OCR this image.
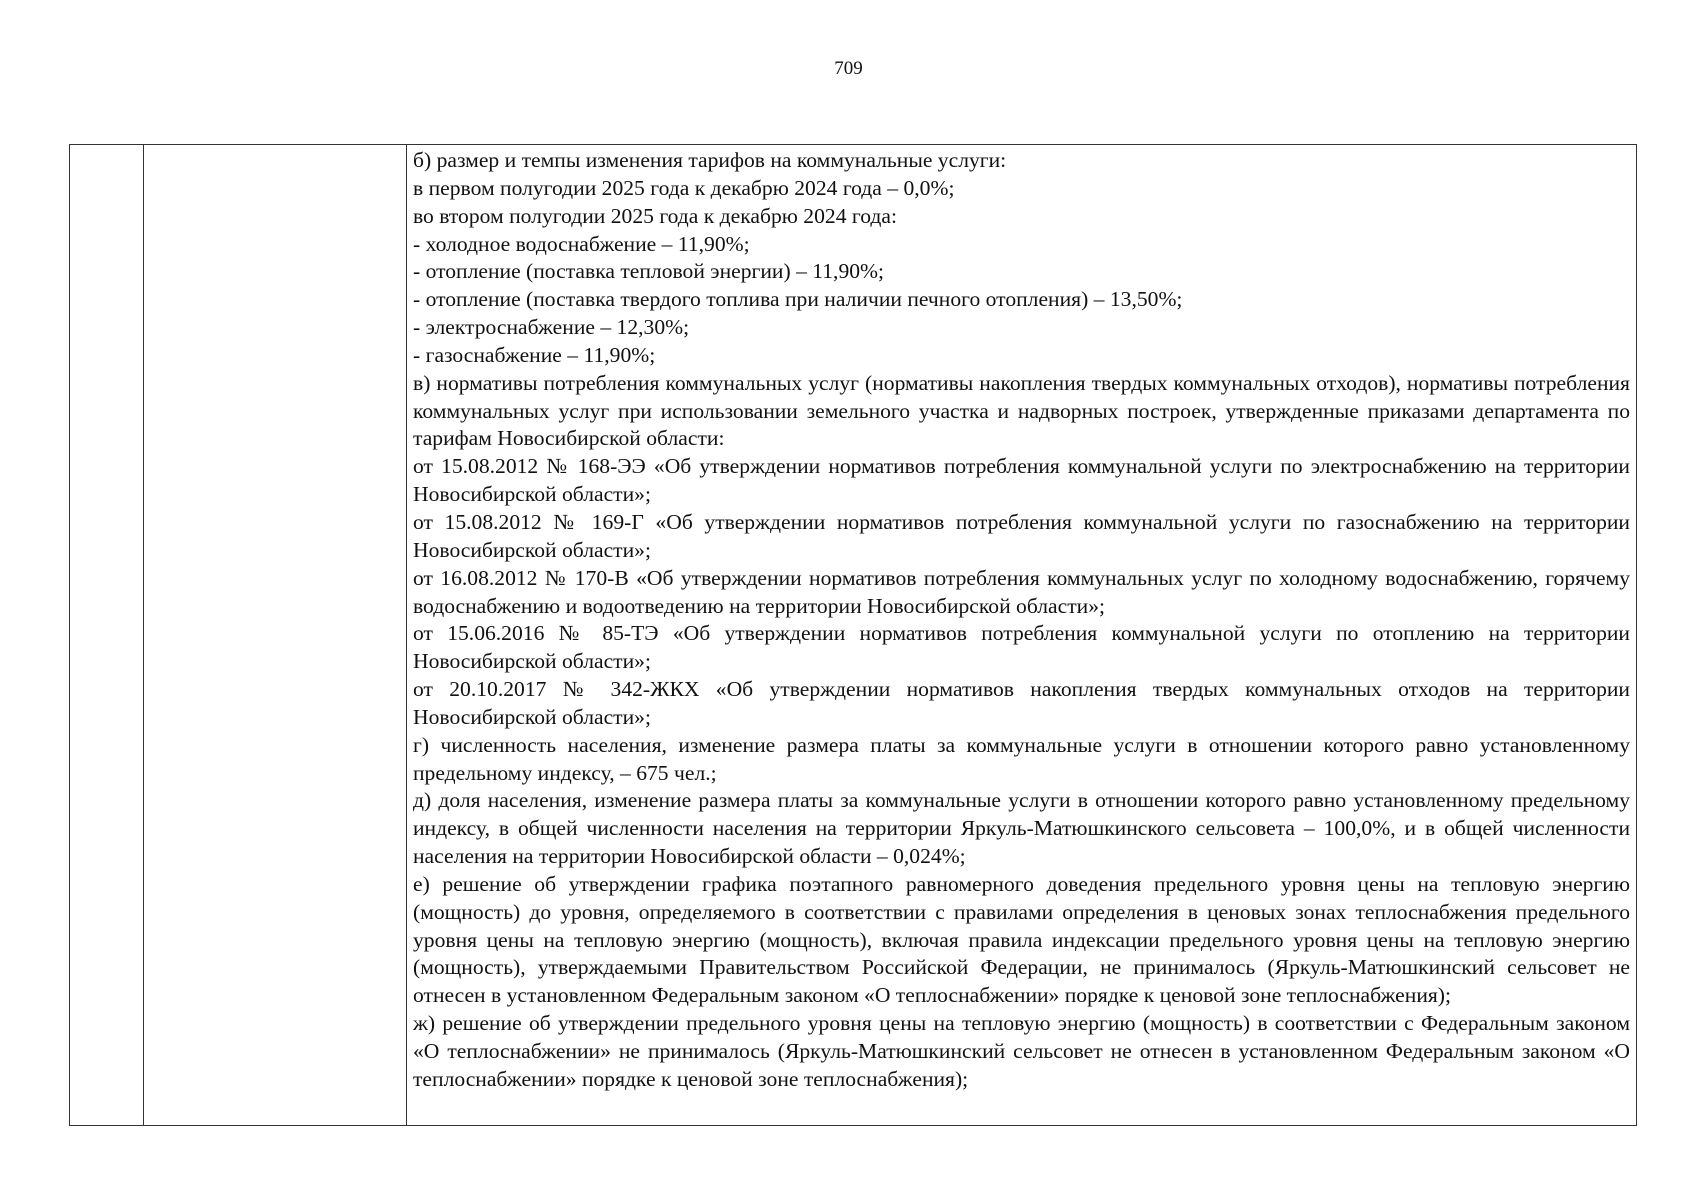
709

б) размер и темпы изменения тарифов на коммунальные услуги:

в первом полугодии 2025 года к декабрю 2024 года – 0,0%;

во втором полугодии 2025 года к декабрю 2024 года:

- холодное водоснабжение – 11,90%;

- отопление (поставка тепловой энергии) – 11,90%;

- отопление (поставка твердого топлива при наличии печного отопления) – 13,50%;

- электроснабжение – 12,30%;

- газоснабжение – 11,90%;

в) нормативы потребления коммунальных услуг (нормативы накопления твердых коммунальных отходов), нормативы потребления коммунальных услуг при использовании земельного участка и надворных построек, утвержденные приказами департамента по тарифам Новосибирской области:

от 15.08.2012 № 168-ЭЭ «Об утверждении нормативов потребления коммунальной услуги по электроснабжению на территории Новосибирской области»;

от 15.08.2012 № 169-Г «Об утверждении нормативов потребления коммунальной услуги по газоснабжению на территории Новосибирской области»;

от 16.08.2012 № 170-В «Об утверждении нормативов потребления коммунальных услуг по холодному водоснабжению, горячему водоснабжению и водоотведению на территории Новосибирской области»;

от 15.06.2016 № 85-ТЭ «Об утверждении нормативов потребления коммунальной услуги по отоплению на территории Новосибирской области»;

от 20.10.2017 № 342-ЖКХ «Об утверждении нормативов накопления твердых коммунальных отходов на территории Новосибирской области»;

г) численность населения, изменение размера платы за коммунальные услуги в отношении которого равно установленному предельному индексу, – 675 чел.;

д) доля населения, изменение размера платы за коммунальные услуги в отношении которого равно установленному предельному индексу, в общей численности населения на территории Яркуль-Матюшкинского сельсовета – 100,0%, и в общей численности населения на территории Новосибирской области – 0,024%;

е) решение об утверждении графика поэтапного равномерного доведения предельного уровня цены на тепловую энергию (мощность) до уровня, определяемого в соответствии с правилами определения в ценовых зонах теплоснабжения предельного уровня цены на тепловую энергию (мощность), включая правила индексации предельного уровня цены на тепловую энергию (мощность), утверждаемыми Правительством Российской Федерации, не принималось (Яркуль-Матюшкинский сельсовет не отнесен в установленном Федеральным законом «О теплоснабжении» порядке к ценовой зоне теплоснабжения);

ж) решение об утверждении предельного уровня цены на тепловую энергию (мощность) в соответствии с Федеральным законом «О теплоснабжении» не принималось (Яркуль-Матюшкинский сельсовет не отнесен в установленном Федеральным законом «О теплоснабжении» порядке к ценовой зоне теплоснабжения);
